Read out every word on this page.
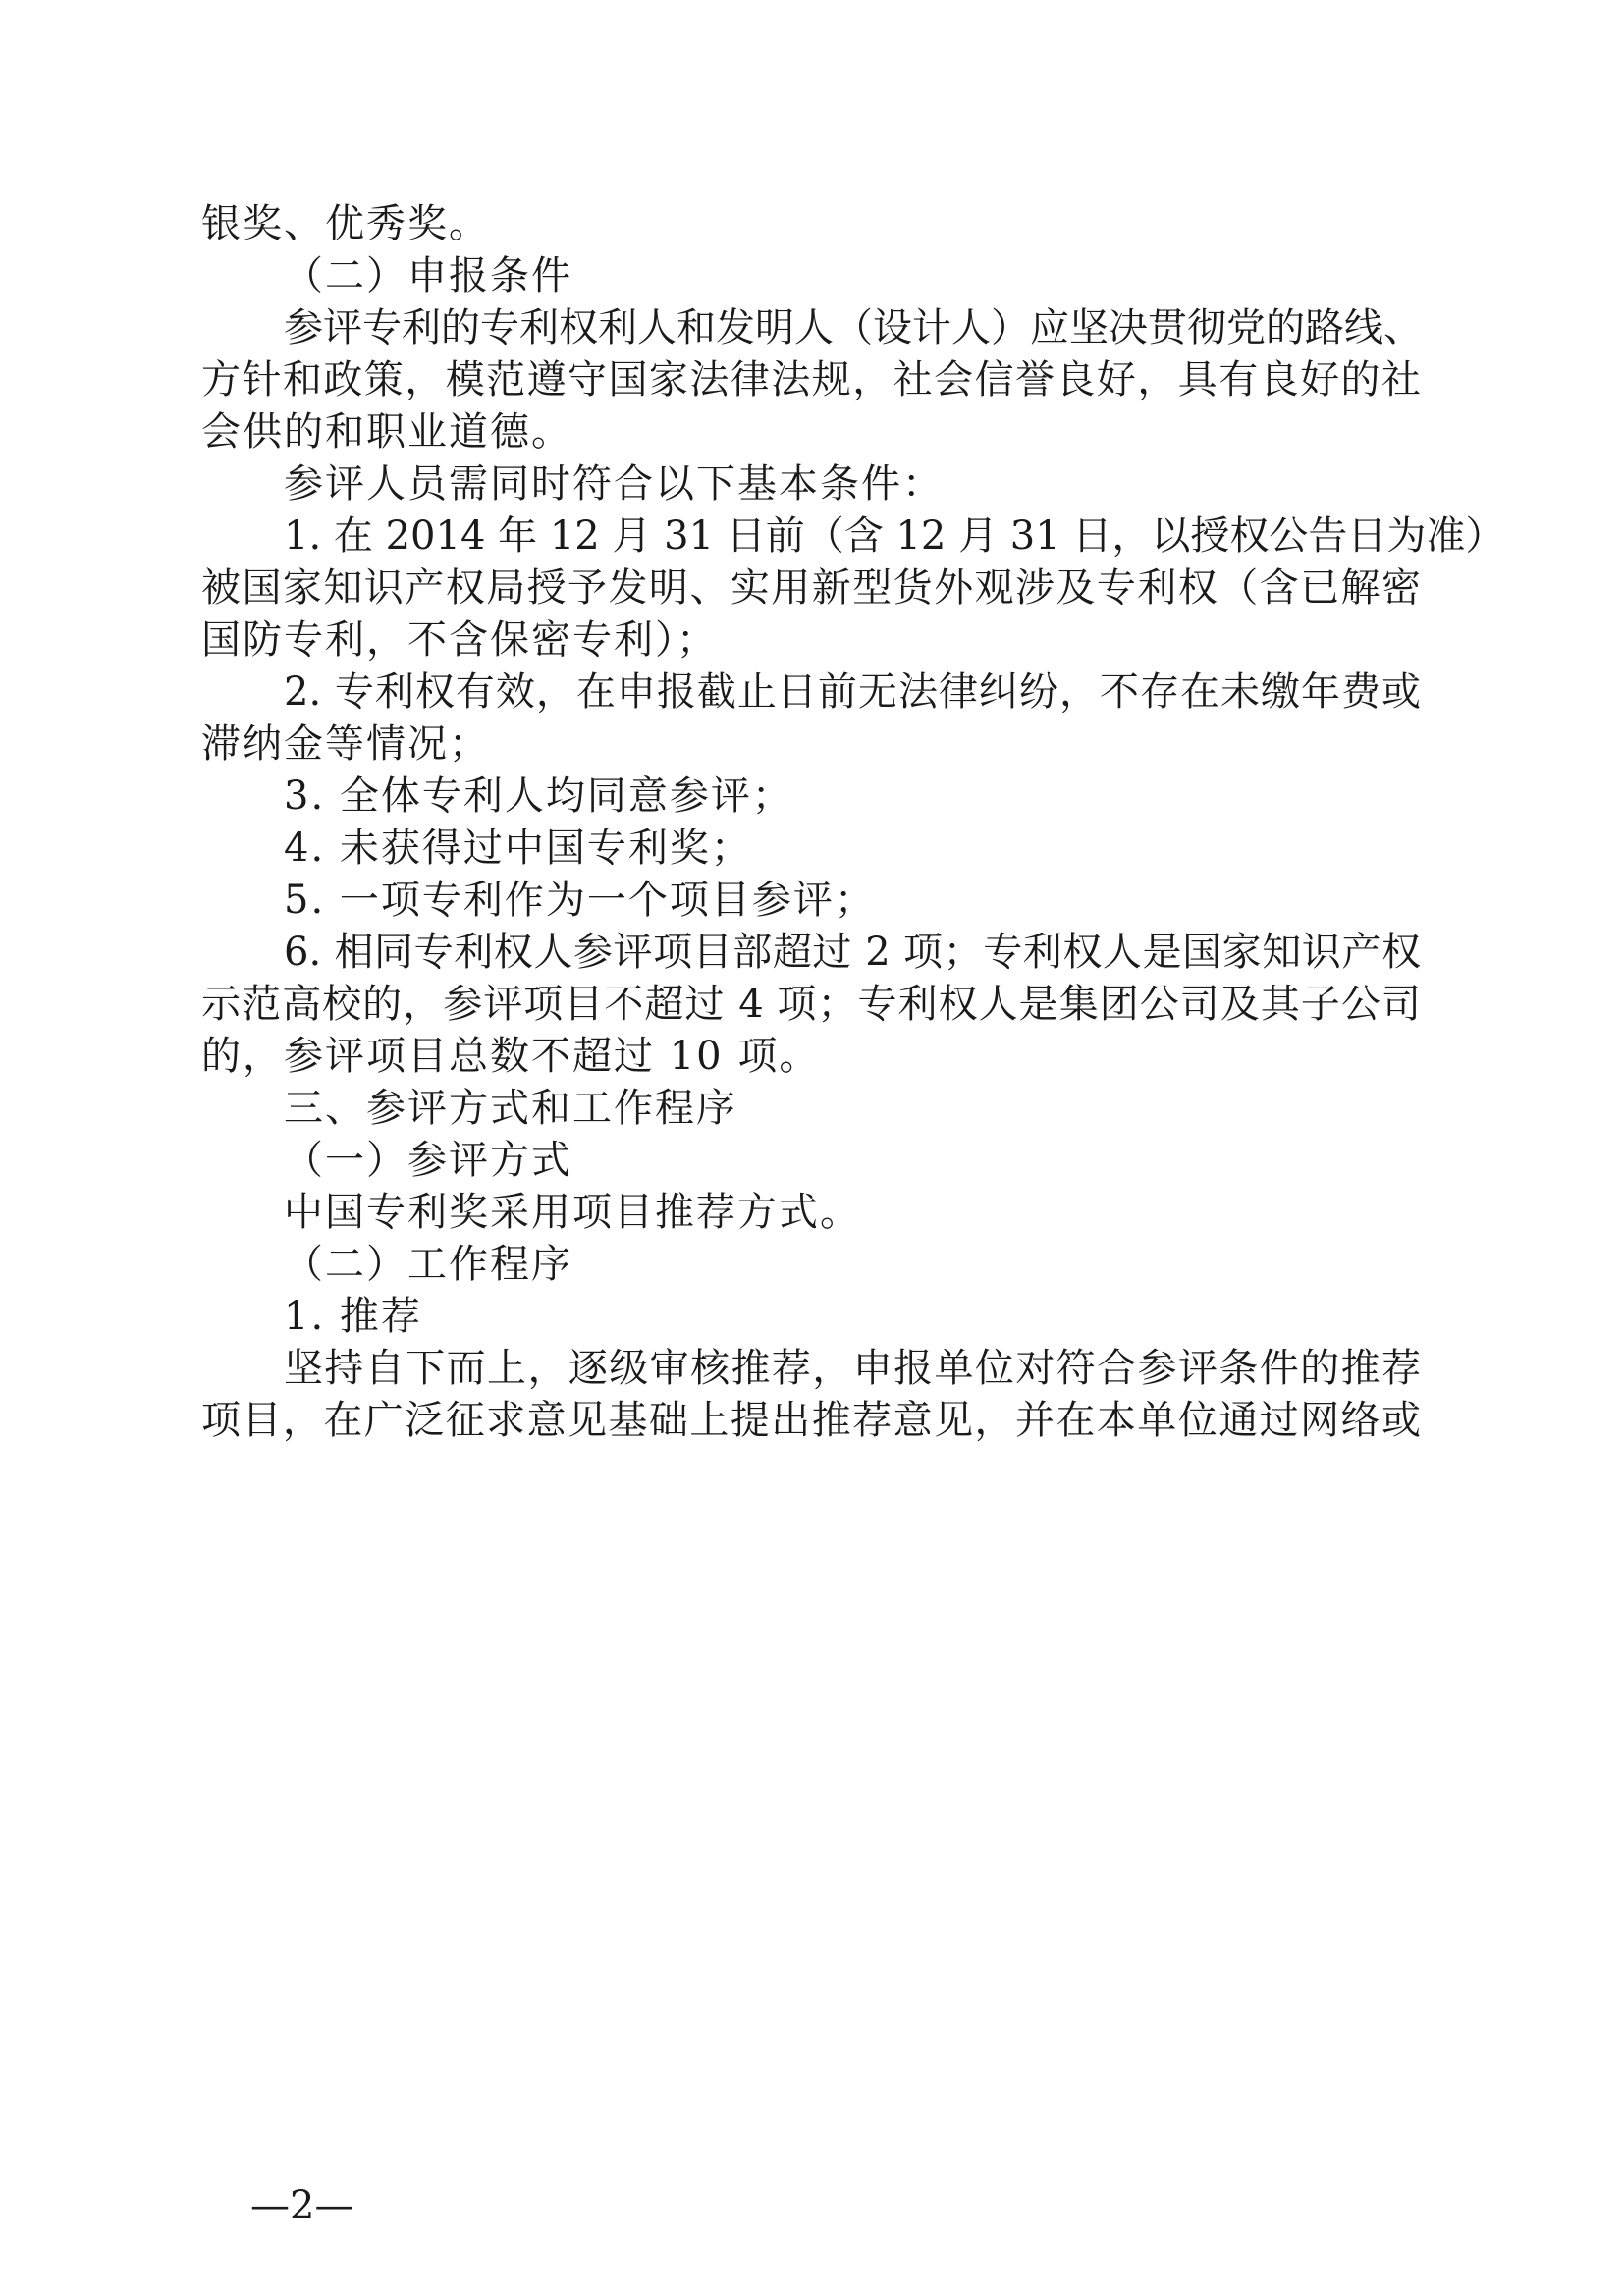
银奖、优秀奖。
（二）申报条件
参评专利的专利权利人和发明人（设计人）应坚决贯彻党的路线、
方针和政策，模范遵守国家法律法规，社会信誉良好，具有良好的社
会供的和职业道德。
参评人员需同时符合以下基本条件：
1. 在 2014 年 12 月 31 日前（含 12 月 31 日，以授权公告日为准）
被国家知识产权局授予发明、实用新型货外观涉及专利权（含已解密
国防专利，不含保密专利）；
2. 专利权有效，在申报截止日前无法律纠纷，不存在未缴年费或
滞纳金等情况；
3. 全体专利人均同意参评；
4. 未获得过中国专利奖；
5. 一项专利作为一个项目参评；
6. 相同专利权人参评项目部超过 2 项；专利权人是国家知识产权
示范高校的，参评项目不超过 4 项；专利权人是集团公司及其子公司
的，参评项目总数不超过 10 项。
三、参评方式和工作程序
（一）参评方式
中国专利奖采用项目推荐方式。
（二）工作程序
1. 推荐
坚持自下而上，逐级审核推荐，申报单位对符合参评条件的推荐
项目，在广泛征求意见基础上提出推荐意见，并在本单位通过网络或
—2—
